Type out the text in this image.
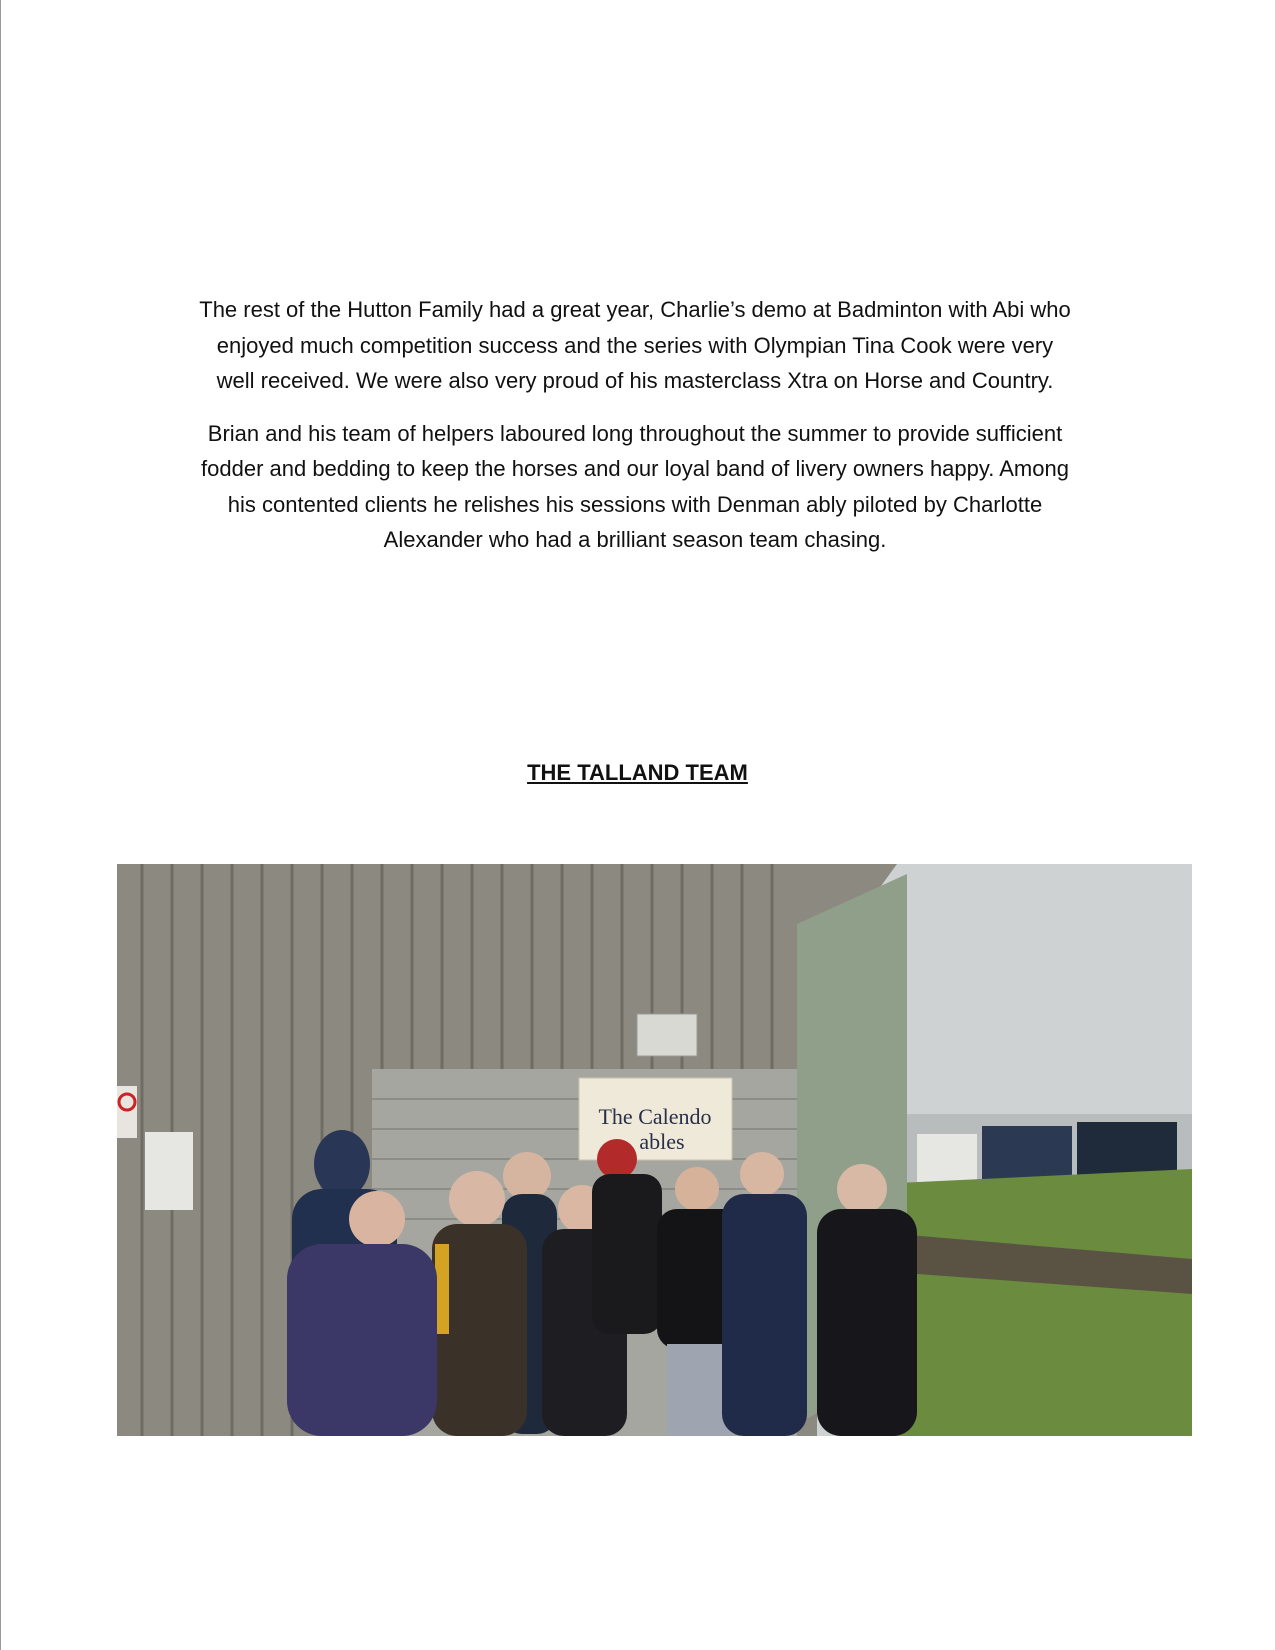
The rest of the Hutton Family had a great year, Charlie’s demo at Badminton with Abi who enjoyed much competition success and the series with Olympian Tina Cook were very well received. We were also very proud of his masterclass Xtra on Horse and Country.

Brian and his team of helpers laboured long throughout the summer to provide sufficient fodder and bedding to keep the horses and our loyal band of livery owners happy. Among his contented clients he relishes his sessions with Denman ably piloted by Charlotte Alexander who had a brilliant season team chasing.

THE TALLAND TEAM
The Calendo
ables
